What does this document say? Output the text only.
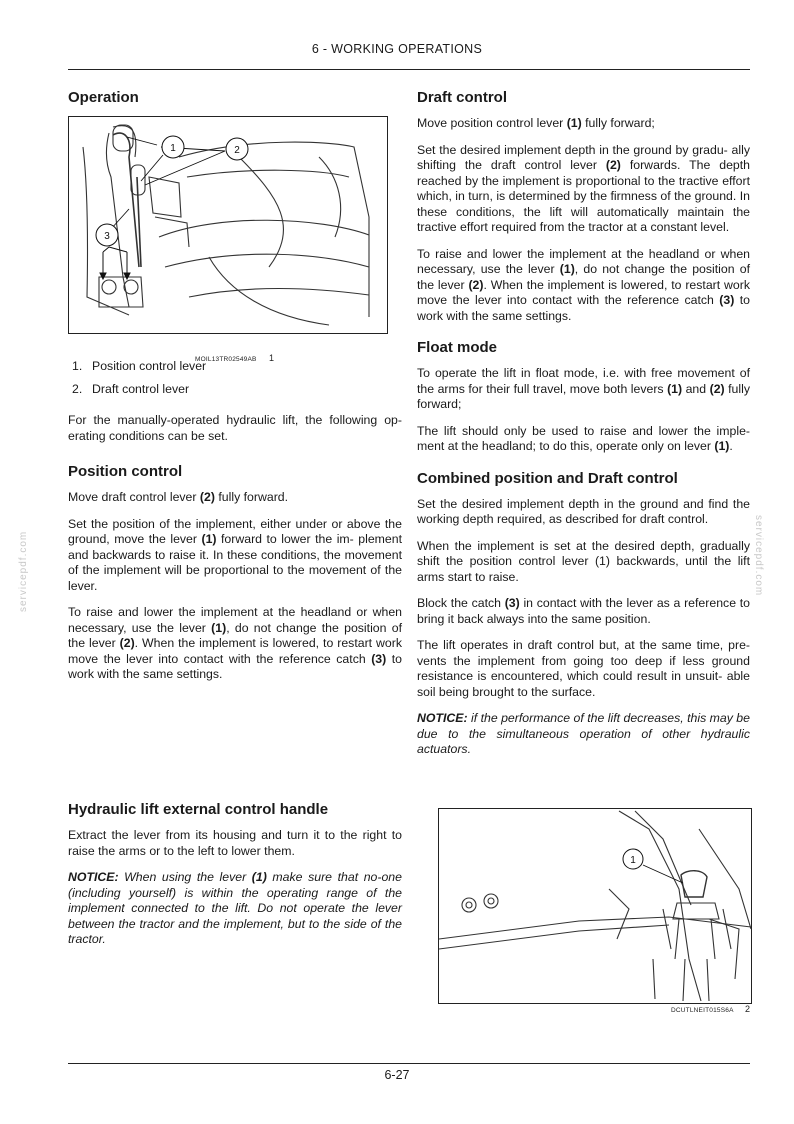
6 - WORKING OPERATIONS
servicepdf.com	servicepdf.com
Operation
1	2
3
MOIL13TR02549AB 1
1. Position control lever
2. Draft control lever

For the manually-operated hydraulic lift, the following op- erating conditions can be set.

Position control

Move draft control lever (2) fully forward.

Set the position of the implement, either under or above the ground, move the lever (1) forward to lower the im- plement and backwards to raise it. In these conditions, the movement of the implement will be proportional to the movement of the lever.

To raise and lower the implement at the headland or when necessary, use the lever (1), do not change the position of the lever (2). When the implement is lowered, to restart work move the lever into contact with the reference catch (3) to work with the same settings.

Hydraulic lift external control handle

Extract the lever from its housing and turn it to the right to raise the arms or to the left to lower them.

NOTICE: When using the lever (1) make sure that no-one (including yourself) is within the operating range of the implement connected to the lift. Do not operate the lever between the tractor and the implement, but to the side of the tractor.

Draft control

Move position control lever (1) fully forward;

Set the desired implement depth in the ground by gradu- ally shifting the draft control lever (2) forwards. The depth reached by the implement is proportional to the tractive effort which, in turn, is determined by the firmness of the ground. In these conditions, the lift will automatically maintain the tractive effort required from the tractor at a constant level.

To raise and lower the implement at the headland or when necessary, use the lever (1), do not change the position of the lever (2). When the implement is lowered, to restart work move the lever into contact with the reference catch (3) to work with the same settings.

Float mode

To operate the lift in float mode, i.e. with free movement of the arms for their full travel, move both levers (1) and (2) fully forward;

The lift should only be used to raise and lower the imple- ment at the headland; to do this, operate only on lever (1).

Combined position and Draft control

Set the desired implement depth in the ground and find the working depth required, as described for draft control.

When the implement is set at the desired depth, gradually shift the position control lever (1) backwards, until the lift arms start to raise.

Block the catch (3) in contact with the lever as a reference to bring it back always into the same position.

The lift operates in draft control but, at the same time, pre- vents the implement from going too deep if less ground resistance is encountered, which could result in unsuit- able soil being brought to the surface.

NOTICE: if the performance of the lift decreases, this may be due to the simultaneous operation of other hydraulic actuators.

1
DCUTLNEIT015S6A 2
6-27
